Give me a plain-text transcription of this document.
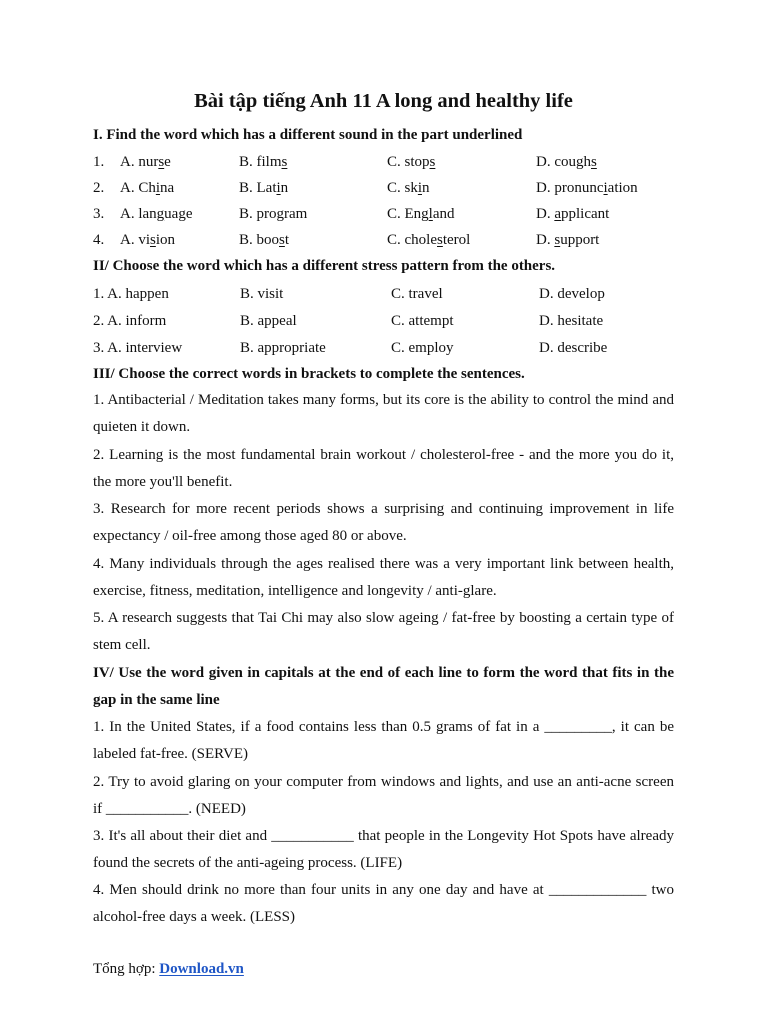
Bài tập tiếng Anh 11 A long and healthy life
I. Find the word which has a different sound in the part underlined
1. A. nurse	B. films	C. stops	D. coughs
2. A. China	B. Latin	C. skin	D. pronunciation
3. A. language	B. program	C. England	D. applicant
4. A. vision	B. boost	C. cholesterol	D. support
II/ Choose the word which has a different stress pattern from the others.
1. A. happen	B. visit	C. travel	D. develop
2. A. inform	B. appeal	C. attempt	D. hesitate
3. A. interview	B. appropriate	C. employ	D. describe
III/ Choose the correct words in brackets to complete the sentences.

1. Antibacterial / Meditation takes many forms, but its core is the ability to control the mind and quieten it down.

2. Learning is the most fundamental brain workout / cholesterol-free - and the more you do it, the more you'll benefit.

3. Research for more recent periods shows a surprising and continuing improvement in life expectancy / oil-free among those aged 80 or above.

4. Many individuals through the ages realised there was a very important link between health, exercise, fitness, meditation, intelligence and longevity / anti-glare.

5. A research suggests that Tai Chi may also slow ageing / fat-free by boosting a certain type of stem cell.

IV/ Use the word given in capitals at the end of each line to form the word that fits in the gap in the same line

1. In the United States, if a food contains less than 0.5 grams of fat in a _________, it can be labeled fat-free. (SERVE)

2. Try to avoid glaring on your computer from windows and lights, and use an anti-acne screen if ___________. (NEED)

3. It's all about their diet and ___________ that people in the Longevity Hot Spots have already found the secrets of the anti-ageing process. (LIFE)

4. Men should drink no more than four units in any one day and have at _____________ two alcohol-free days a week. (LESS)

Tổng hợp: Download.vn
